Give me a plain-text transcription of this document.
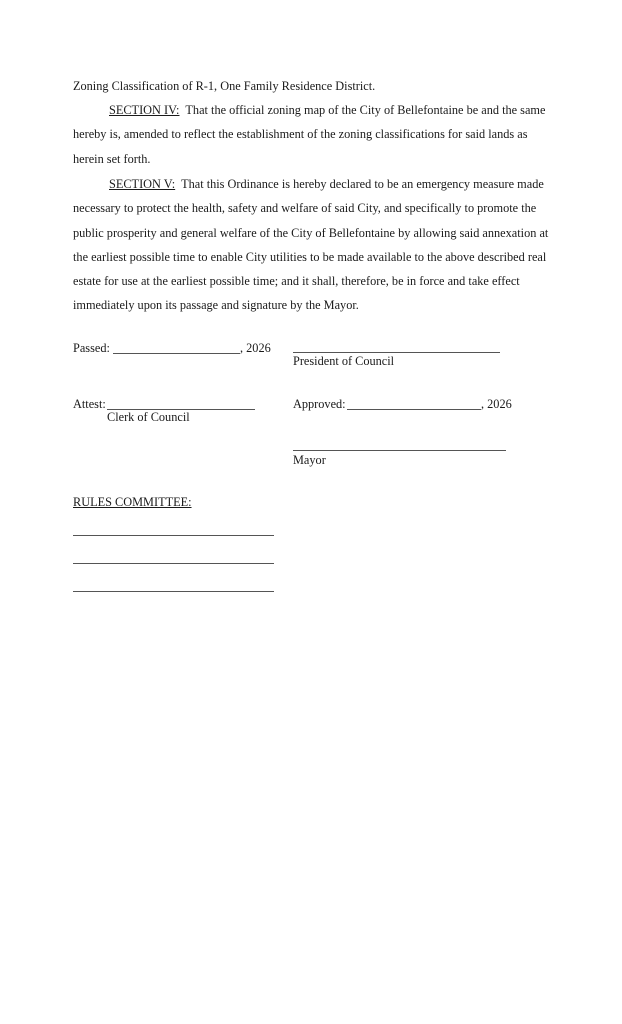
Zoning Classification of R-1, One Family Residence District.
SECTION IV: That the official zoning map of the City of Bellefontaine be and the same
hereby is, amended to reflect the establishment of the zoning classifications for said lands as
herein set forth.
SECTION V: That this Ordinance is hereby declared to be an emergency measure made
necessary to protect the health, safety and welfare of said City, and specifically to promote the
public prosperity and general welfare of the City of Bellefontaine by allowing said annexation at
the earliest possible time to enable City utilities to be made available to the above described real
estate for use at the earliest possible time; and it shall, therefore, be in force and take effect
immediately upon its passage and signature by the Mayor.
Passed:	, 2026
President of Council
Attest:
Clerk of Council
Approved:	, 2026
Mayor
RULES COMMITTEE:
